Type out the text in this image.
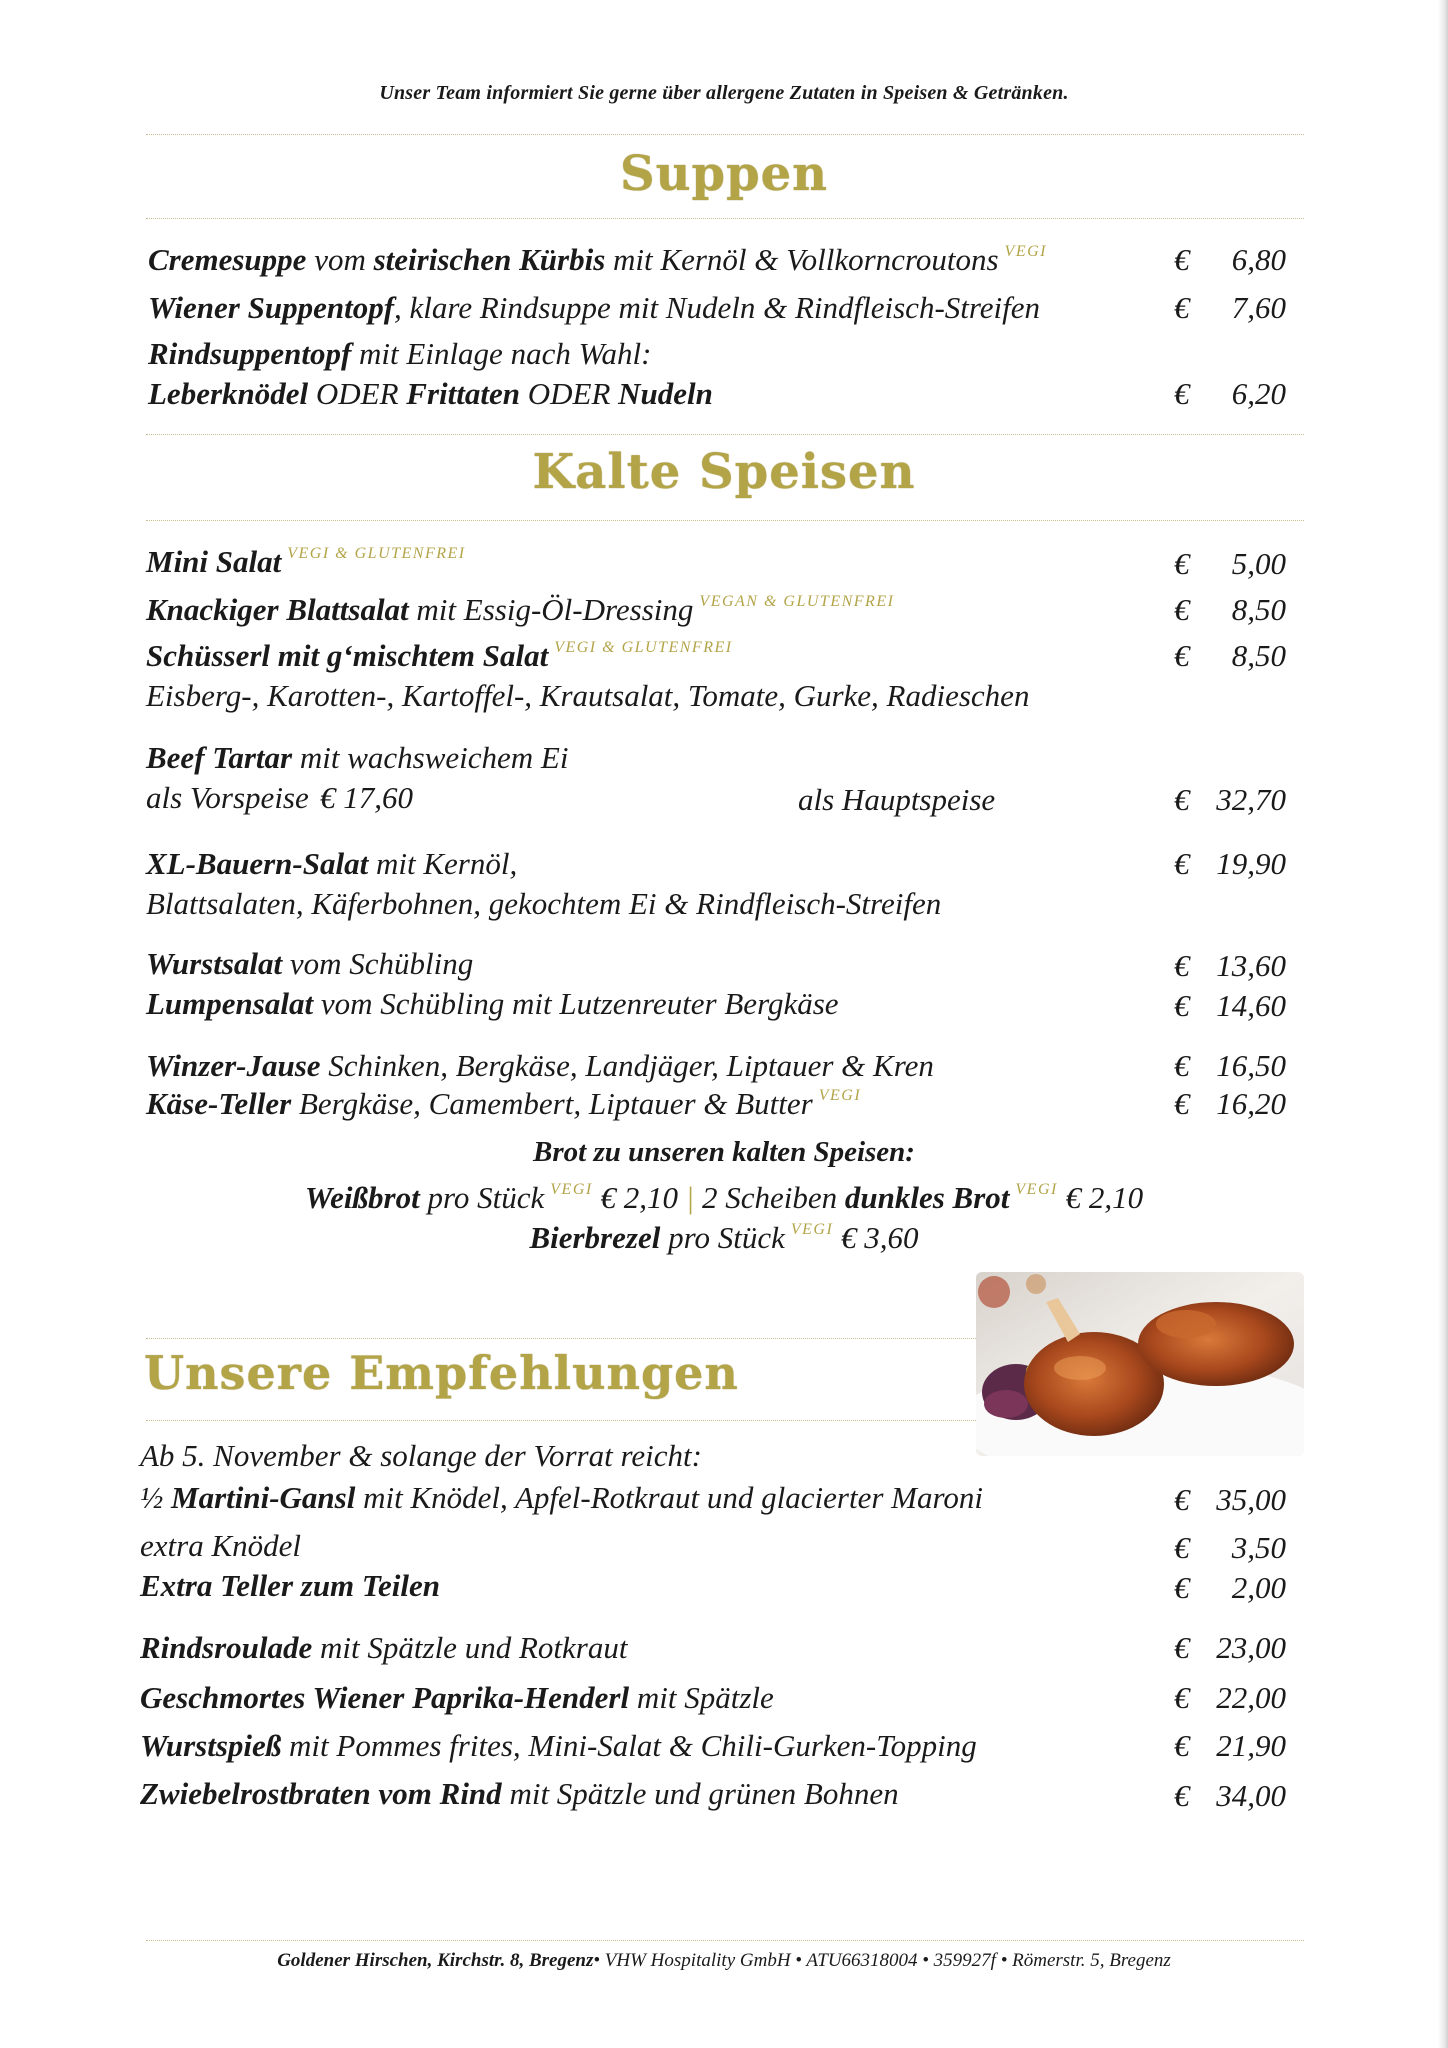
Unser Team informiert Sie gerne über allergene Zutaten in Speisen & Getränken.
Suppen
Cremesuppe vom steirischen Kürbis mit Kernöl & Vollkorncroutons $^{VEGI}$	€ 6,80
Wiener Suppentopf, klare Rindsuppe mit Nudeln & Rindfleisch-Streifen	€ 7,60
Rindsuppentopf mit Einlage nach Wahl:
Leberknödel ODER Frittaten ODER Nudeln	€ 6,20
Kalte Speisen
Mini Salat $^{VEGI \& GLUTENFREI}$	€ 5,00
Knackiger Blattsalat mit Essig-Öl-Dressing $^{VEGAN \& GLUTENFREI}$	€ 8,50
Schüsserl mit g‘mischtem Salat $^{VEGI \& GLUTENFREI}$	€ 8,50
Eisberg-, Karotten-, Kartoffel-, Krautsalat, Tomate, Gurke, Radieschen
Beef Tartar mit wachsweichem Ei
als Vorspeise € 17,60	als Hauptspeise	€ 32,70
XL-Bauern-Salat mit Kernöl,	€ 19,90
Blattsalaten, Käferbohnen, gekochtem Ei & Rindfleisch-Streifen
Wurstsalat vom Schübling	€ 13,60
Lumpensalat vom Schübling mit Lutzenreuter Bergkäse	€ 14,60
Winzer-Jause Schinken, Bergkäse, Landjäger, Liptauer & Kren	€ 16,50
Käse-Teller Bergkäse, Camembert, Liptauer & Butter $^{VEGI}$	€ 16,20
Brot zu unseren kalten Speisen:
Weißbrot pro Stück $^{VEGI}$ € 2,10 | 2 Scheiben dunkles Brot $^{VEGI}$ € 2,10
Bierbrezel pro Stück $^{VEGI}$ € 3,60
Unsere Empfehlungen
Ab 5. November & solange der Vorrat reicht:
½ Martini-Gansl mit Knödel, Apfel-Rotkraut und glacierter Maroni	€ 35,00
extra Knödel	€ 3,50
Extra Teller zum Teilen	€ 2,00
Rindsroulade mit Spätzle und Rotkraut	€ 23,00
Geschmortes Wiener Paprika-Henderl mit Spätzle	€ 22,00
Wurstspieß mit Pommes frites, Mini-Salat & Chili-Gurken-Topping	€ 21,90
Zwiebelrostbraten vom Rind mit Spätzle und grünen Bohnen	€ 34,00
Goldener Hirschen, Kirchstr. 8, Bregenz• VHW Hospitality GmbH • ATU66318004 • 359927f • Römerstr. 5, Bregenz
